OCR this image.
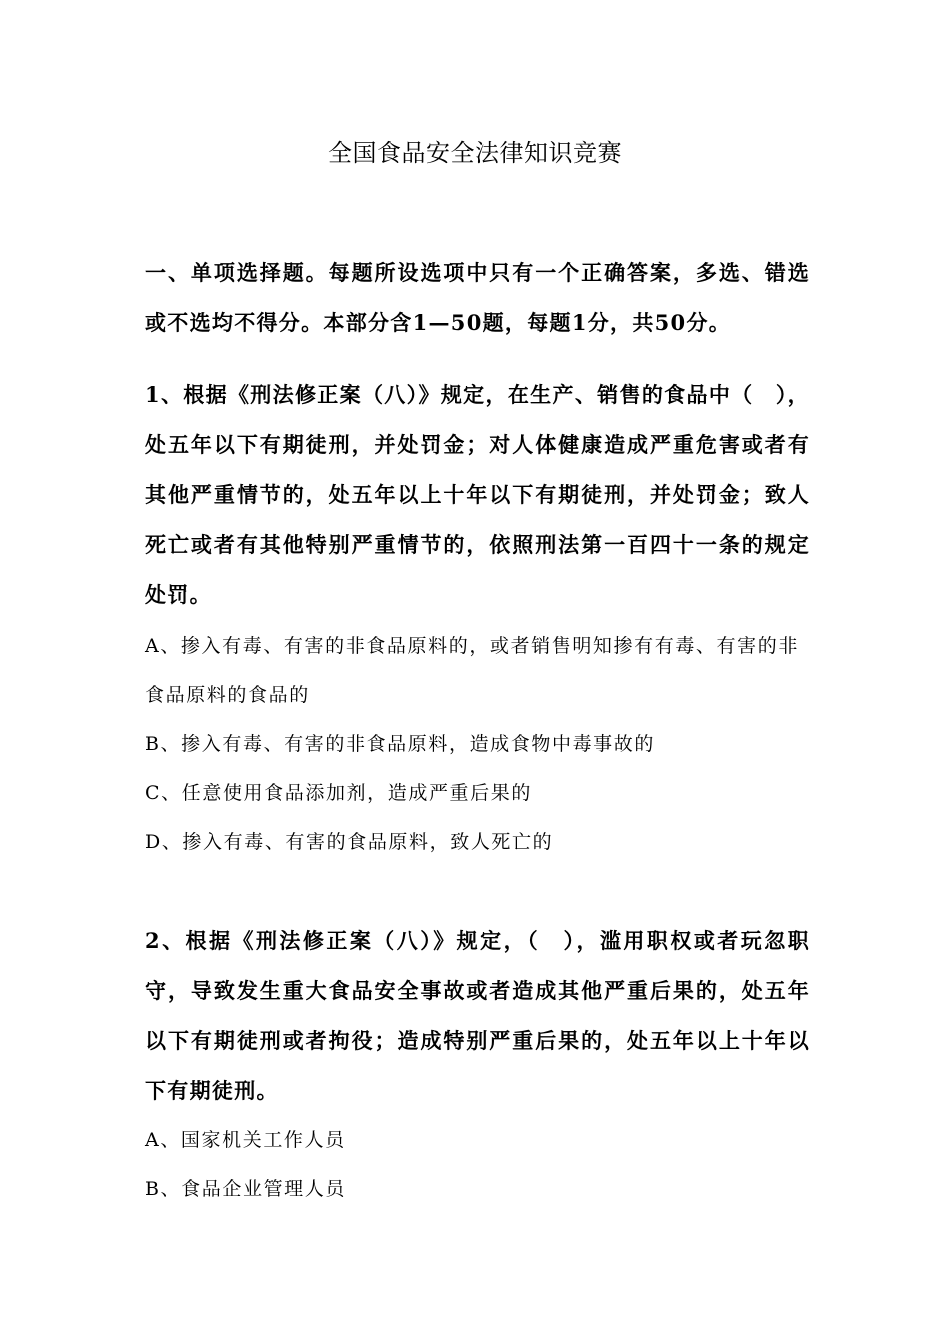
全国食品安全法律知识竞赛

一、单项选择题。每题所设选项中只有一个正确答案，多选、错选或不选均不得分。本部分含1—50题，每题1分，共50分。

1、根据《刑法修正案（八）》规定，在生产、销售的食品中（　），处五年以下有期徒刑，并处罚金；对人体健康造成严重危害或者有其他严重情节的，处五年以上十年以下有期徒刑，并处罚金；致人死亡或者有其他特别严重情节的，依照刑法第一百四十一条的规定处罚。

A、掺入有毒、有害的非食品原料的，或者销售明知掺有有毒、有害的非食品原料的食品的

B、掺入有毒、有害的非食品原料，造成食物中毒事故的

C、任意使用食品添加剂，造成严重后果的

D、掺入有毒、有害的食品原料，致人死亡的

2、根据《刑法修正案（八）》规定，（　），滥用职权或者玩忽职守，导致发生重大食品安全事故或者造成其他严重后果的，处五年以下有期徒刑或者拘役；造成特别严重后果的，处五年以上十年以下有期徒刑。

A、国家机关工作人员

B、食品企业管理人员
